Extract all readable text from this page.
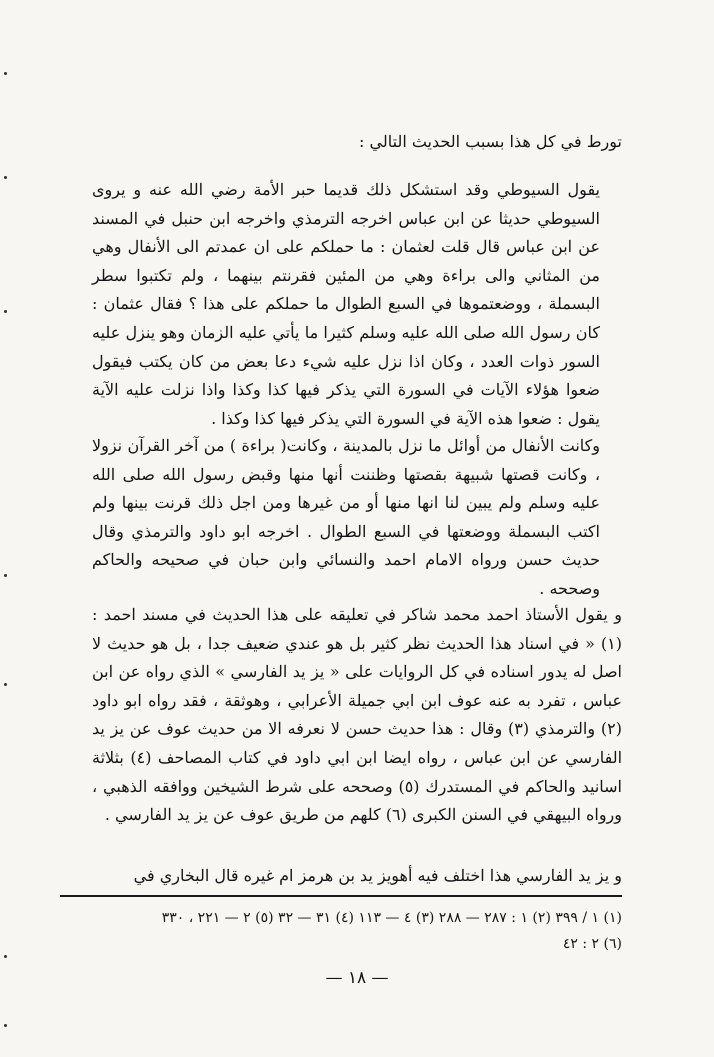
تورط في كل هذا بسبب الحديث التالي :

يقول السيوطي وقد استشكل ذلك قديما حبر الأمة رضي الله عنه و يروى السيوطي حديثا عن ابن عباس اخرجه الترمذي واخرجه ابن حنبل في المسند عن ابن عباس قال قلت لعثمان : ما حملكم على ان عمدتم الى الأنفال وهي من المثاني والى براءة وهي من المئين فقرنتم بينهما ، ولم تكتبوا سطر البسملة ، ووضعتموها في السبع الطوال ما حملكم على هذا ؟ فقال عثمان : كان رسول الله صلى الله عليه وسلم كثيرا ما يأتي عليه الزمان وهو ينزل عليه السور ذوات العدد ، وكان اذا نزل عليه شيء دعا بعض من كان يكتب فيقول ضعوا هؤلاء الآيات في السورة التي يذكر فيها كذا وكذا واذا نزلت عليه الآية يقول : ضعوا هذه الآية في السورة التي يذكر فيها كذا وكذا .

وكانت الأنفال من أوائل ما نزل بالمدينة ، وكانت( براءة ) من آخر القرآن نزولا ، وكانت قصتها شبيهة بقصتها وظننت أنها منها وقبض رسول الله صلى الله عليه وسلم ولم يبين لنا انها منها أو من غيرها ومن اجل ذلك قرنت بينها ولم اكتب البسملة ووضعتها في السبع الطوال . اخرجه ابو داود والترمذي وقال حديث حسن ورواه الامام احمد والنسائي وابن حبان في صحيحه والحاكم وصححه .

و يقول الأستاذ احمد محمد شاكر في تعليقه على هذا الحديث في مسند احمد : (١) « في اسناد هذا الحديث نظر كثير بل هو عندي ضعيف جدا ، بل هو حديث لا اصل له يدور اسناده في كل الروايات على « يز يد الفارسي » الذي رواه عن ابن عباس ، تفرد به عنه عوف ابن ابي جميلة الأعرابي ، وهوثقة ، فقد رواه ابو داود (٢) والترمذي (٣) وقال : هذا حديث حسن لا نعرفه الا من حديث عوف عن يز يد الفارسي عن ابن عباس ، رواه ايضا ابن ابي داود في كتاب المصاحف (٤) بثلاثة اسانيد والحاكم في المستدرك (٥) وصححه على شرط الشيخين ووافقه الذهبي ، ورواه البيهقي في السنن الكبرى (٦) كلهم من طريق عوف عن يز يد الفارسي .

و يز يد الفارسي هذا اختلف فيه أهويز يد بن هرمز ام غيره قال البخاري في

(١) ١ / ٣٩٩ (٢) ١ : ٢٨٧ — ٢٨٨ (٣) ٤ — ١١٣ (٤) ٣١ — ٣٢ (٥) ٢ — ٢٢١ ، ٣٣٠
(٦) ٢ : ٤٢
— ١٨ —
